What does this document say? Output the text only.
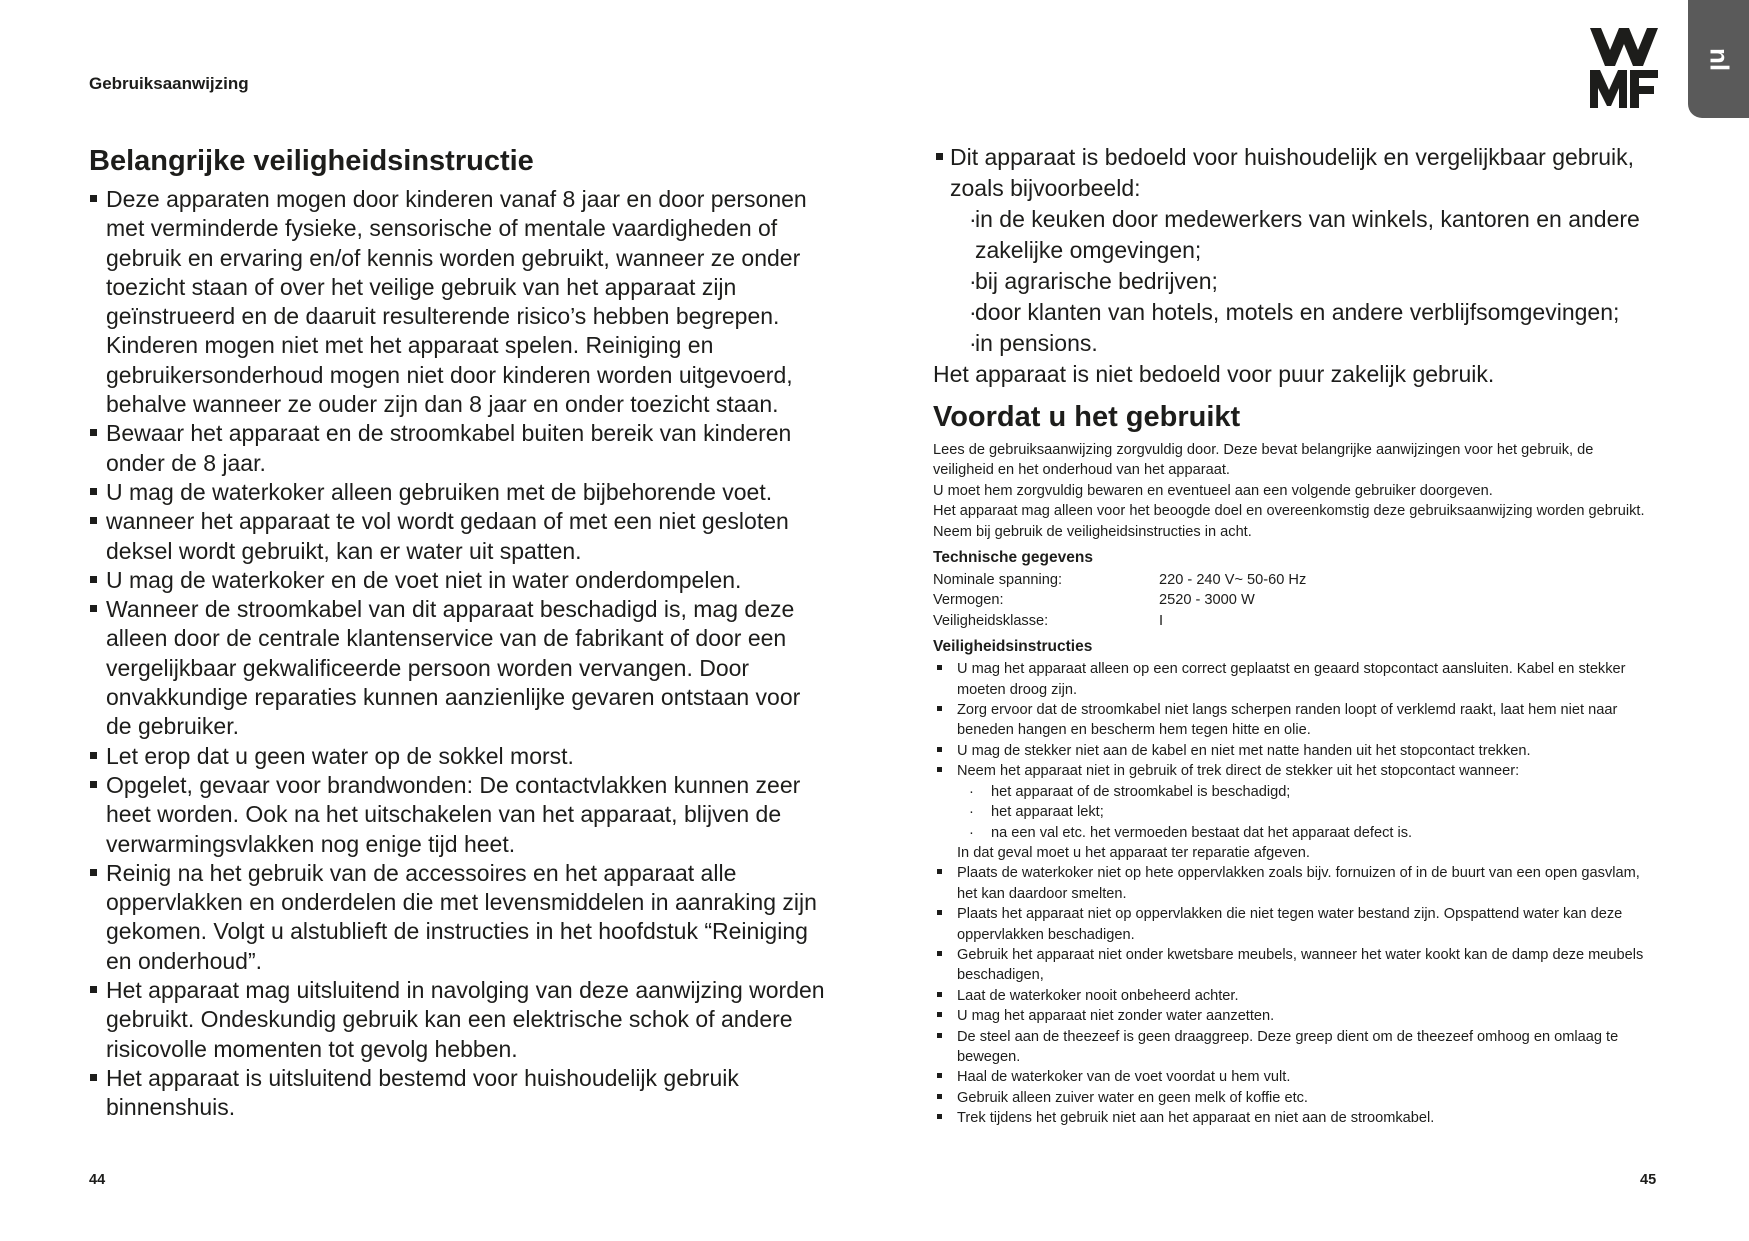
Gebruiksaanwijzing
nl
Belangrijke veiligheidsinstructie
Deze apparaten mogen door kinderen vanaf 8 jaar en door personen met verminderde fysieke, sensorische of mentale vaardigheden of gebruik en ervaring en/of kennis worden gebruikt, wanneer ze onder toezicht staan of over het veilige gebruik van het apparaat zijn geïnstrueerd en de daaruit resulterende risico’s hebben begrepen. Kinderen mogen niet met het apparaat spelen. Reiniging en gebruikersonderhoud mogen niet door kinderen worden uitgevoerd, behalve wanneer ze ouder zijn dan 8 jaar en onder toezicht staan.
Bewaar het apparaat en de stroomkabel buiten bereik van kinderen onder de 8 jaar.
U mag de waterkoker alleen gebruiken met de bijbehorende voet.
wanneer het apparaat te vol wordt gedaan of met een niet gesloten deksel wordt gebruikt, kan er water uit spatten.
U mag de waterkoker en de voet niet in water onderdompelen.
Wanneer de stroomkabel van dit apparaat beschadigd is, mag deze alleen door de centrale klantenservice van de fabrikant of door een vergelijkbaar gekwalificeerde persoon worden vervangen. Door onvakkundige reparaties kunnen aanzienlijke gevaren ontstaan voor de gebruiker.
Let erop dat u geen water op de sokkel morst.
Opgelet, gevaar voor brandwonden: De contactvlakken kunnen zeer heet worden. Ook na het uitschakelen van het apparaat, blijven de verwarmingsvlakken nog enige tijd heet.
Reinig na het gebruik van de accessoires en het apparaat alle oppervlakken en onderdelen die met levensmiddelen in aanraking zijn gekomen. Volgt u alstublieft de instructies in het hoofdstuk “Reiniging en onderhoud”.
Het apparaat mag uitsluitend in navolging van deze aanwijzing worden gebruikt. Ondeskundig gebruik kan een elektrische schok of andere risicovolle momenten tot gevolg hebben.
Het apparaat is uitsluitend bestemd voor huishoudelijk gebruik binnenshuis.
Dit apparaat is bedoeld voor huishoudelijk en vergelijkbaar gebruik, zoals bijvoorbeeld:
·
in de keuken door medewerkers van winkels, kantoren en andere zakelijke omgevingen;
·
bij agrarische bedrijven;
·
door klanten van hotels, motels en andere verblijfsomgevingen;
·
in pensions.
Het apparaat is niet bedoeld voor puur zakelijk gebruik.
Voordat u het gebruikt

Lees de gebruiksaanwijzing zorgvuldig door. Deze bevat belangrijke aanwijzingen voor het gebruik, de veiligheid en het onderhoud van het apparaat.

U moet hem zorgvuldig bewaren en eventueel aan een volgende gebruiker doorgeven.

Het apparaat mag alleen voor het beoogde doel en overeenkomstig deze gebruiksaanwijzing worden gebruikt.

Neem bij gebruik de veiligheidsinstructies in acht.

Technische gegevens
Nominale spanning:	220 - 240 V~ 50-60 Hz
Vermogen:	2520 - 3000 W
Veiligheidsklasse:	I
Veiligheidsinstructies
U mag het apparaat alleen op een correct geplaatst en geaard stopcontact aansluiten. Kabel en stekker moeten droog zijn.
Zorg ervoor dat de stroomkabel niet langs scherpen randen loopt of verklemd raakt, laat hem niet naar beneden hangen en bescherm hem tegen hitte en olie.
U mag de stekker niet aan de kabel en niet met natte handen uit het stopcontact trekken.
Neem het apparaat niet in gebruik of trek direct de stekker uit het stopcontact wanneer:
· het apparaat of de stroomkabel is beschadigd;
· het apparaat lekt;
· na een val etc. het vermoeden bestaat dat het apparaat defect is.
In dat geval moet u het apparaat ter reparatie afgeven.
Plaats de waterkoker niet op hete oppervlakken zoals bijv. fornuizen of in de buurt van een open gasvlam, het kan daardoor smelten.
Plaats het apparaat niet op oppervlakken die niet tegen water bestand zijn. Opspattend water kan deze oppervlakken beschadigen.
Gebruik het apparaat niet onder kwetsbare meubels, wanneer het water kookt kan de damp deze meubels beschadigen,
Laat de waterkoker nooit onbeheerd achter.
U mag het apparaat niet zonder water aanzetten.
De steel aan de theezeef is geen draaggreep. Deze greep dient om de theezeef omhoog en omlaag te bewegen.
Haal de waterkoker van de voet voordat u hem vult.
Gebruik alleen zuiver water en geen melk of koffie etc.
Trek tijdens het gebruik niet aan het apparaat en niet aan de stroomkabel.
44	45
